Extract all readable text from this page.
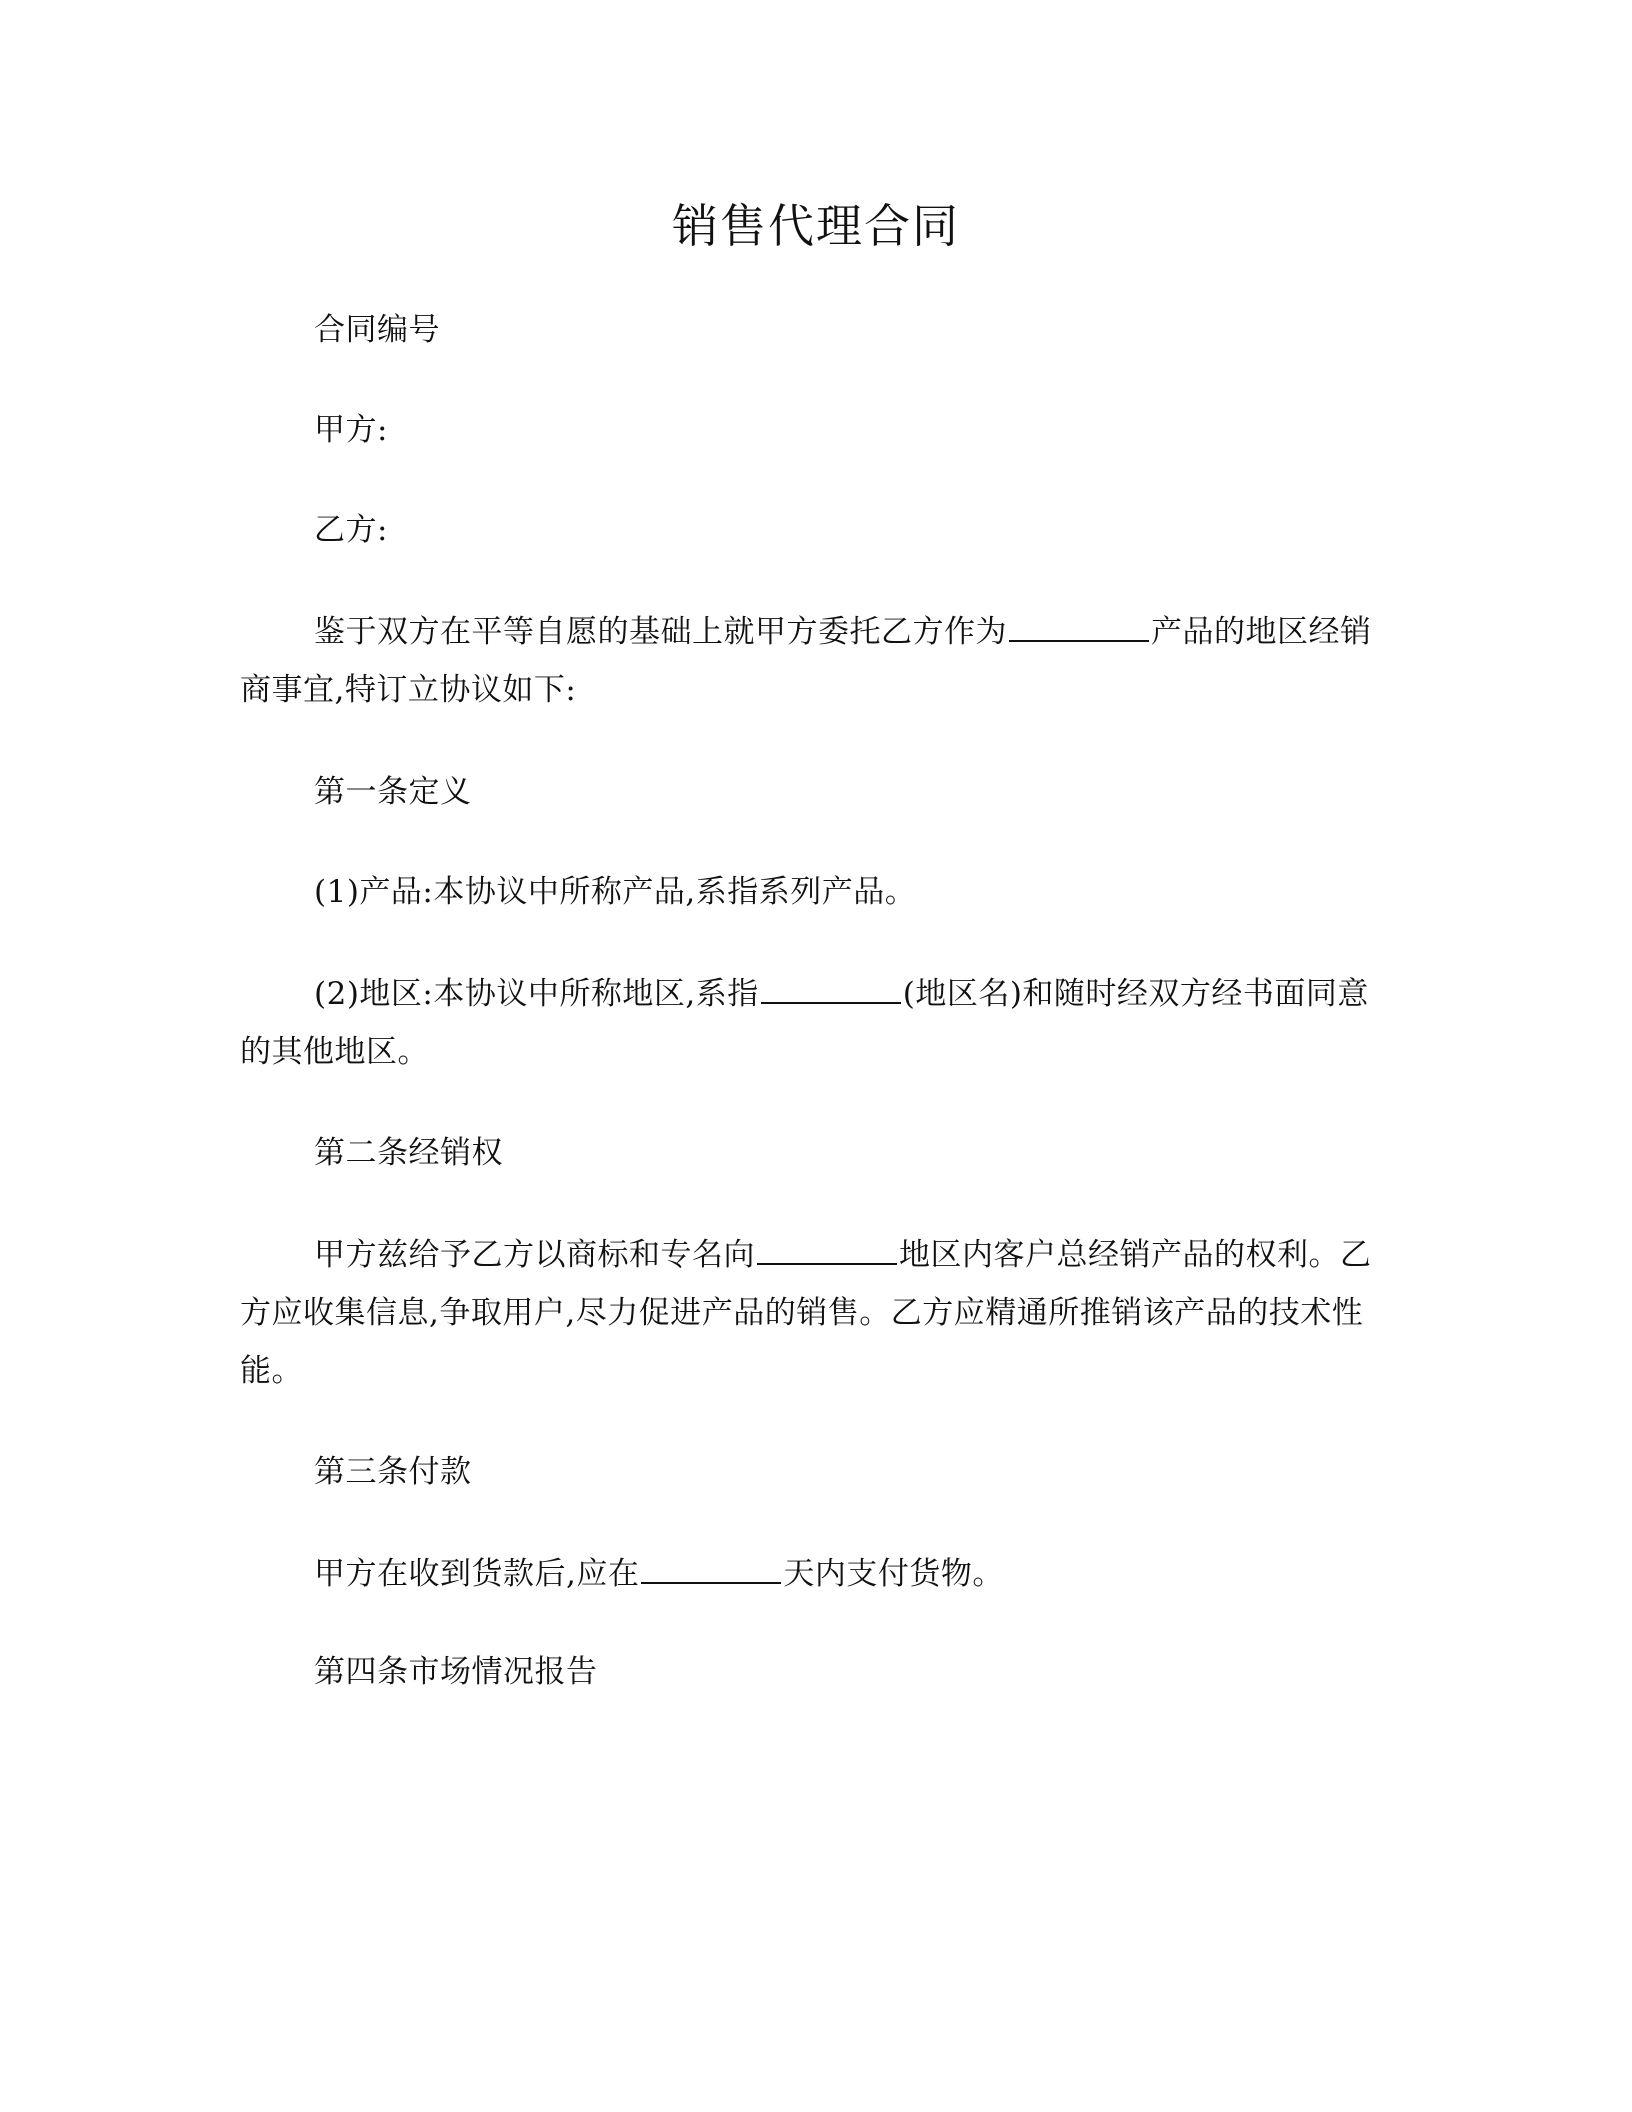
销售代理合同

合同编号

甲方:

乙方:

鉴于双方在平等自愿的基础上就甲方委托乙方作为	产品的地区经销商事宜,特订立协议如下:

第一条定义

(1)产品:本协议中所称产品,系指系列产品。

(2)地区:本协议中所称地区,系指	(地区名)和随时经双方经书面同意的其他地区。

第二条经销权

甲方兹给予乙方以商标和专名向	地区内客户总经销产品的权利。乙方应收集信息,争取用户,尽力促进产品的销售。乙方应精通所推销该产品的技术性能。

第三条付款

甲方在收到货款后,应在	天内支付货物。

第四条市场情况报告
